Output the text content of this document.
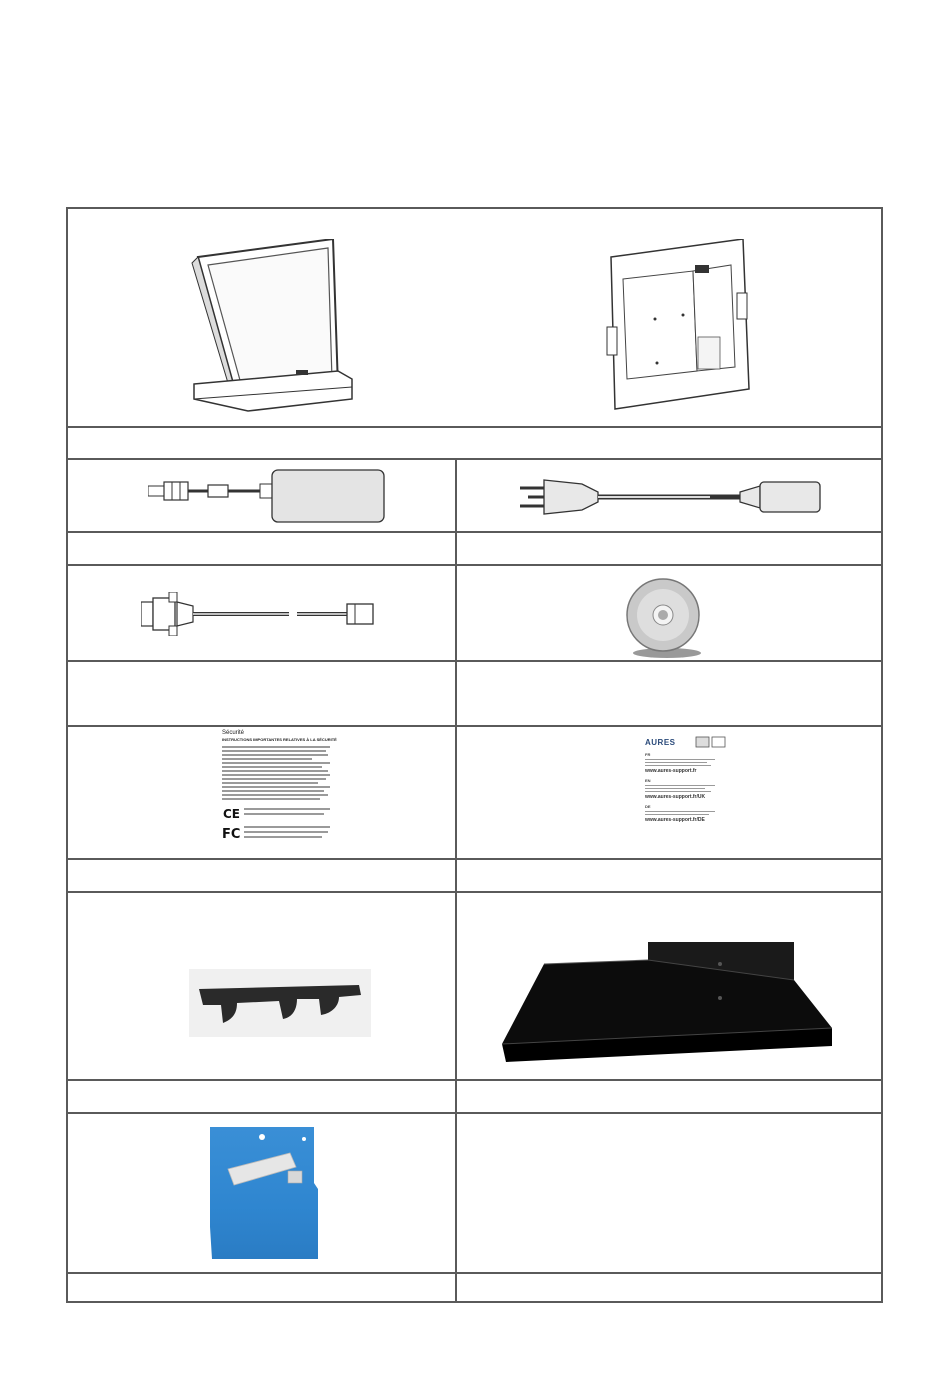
Sécurité
INSTRUCTIONS IMPORTANTES RELATIVES À LA SÉCURITÉ
CE
FC
AURES
FR
www.aures-support.fr
EN
www.aures-support.fr/UK
DE
www.aures-support.fr/DE
